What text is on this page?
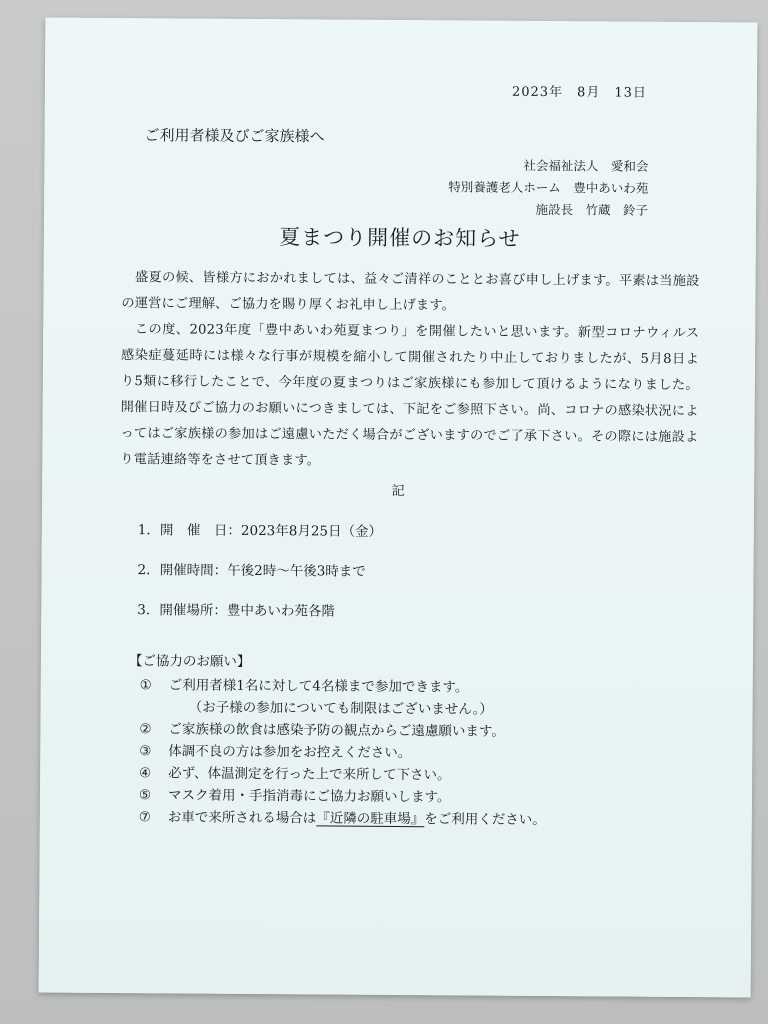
2023年　8月　13日
ご利用者様及びご家族様へ
社会福祉法人　愛和会
特別養護老人ホーム　豊中あいわ苑
施設長　竹蔵　鈴子
夏まつり開催のお知らせ

　盛夏の候、皆様方におかれましては、益々ご清祥のこととお喜び申し上げます。平素は当施設の運営にご理解、ご協力を賜り厚くお礼申し上げます。

　この度、2023年度「豊中あいわ苑夏まつり」を開催したいと思います。新型コロナウィルス感染症蔓延時には様々な行事が規模を縮小して開催されたり中止しておりましたが、5月8日より5類に移行したことで、今年度の夏まつりはご家族様にも参加して頂けるようになりました。開催日時及びご協力のお願いにつきましては、下記をご参照下さい。尚、コロナの感染状況によってはご家族様の参加はご遠慮いただく場合がございますのでご了承下さい。その際には施設より電話連絡等をさせて頂きます。

記
1．開　催　日：2023年8月25日（金）
2．開催時間：午後2時～午後3時まで
3．開催場所：豊中あいわ苑各階
【ご協力のお願い】
①	ご利用者様1名に対して4名様まで参加できます。
（お子様の参加についても制限はございません。）
②	ご家族様の飲食は感染予防の観点からご遠慮願います。
③	体調不良の方は参加をお控えください。
④	必ず、体温測定を行った上で来所して下さい。
⑤	マスク着用・手指消毒にご協力お願いします。
⑦	お車で来所される場合は『近隣の駐車場』をご利用ください。
